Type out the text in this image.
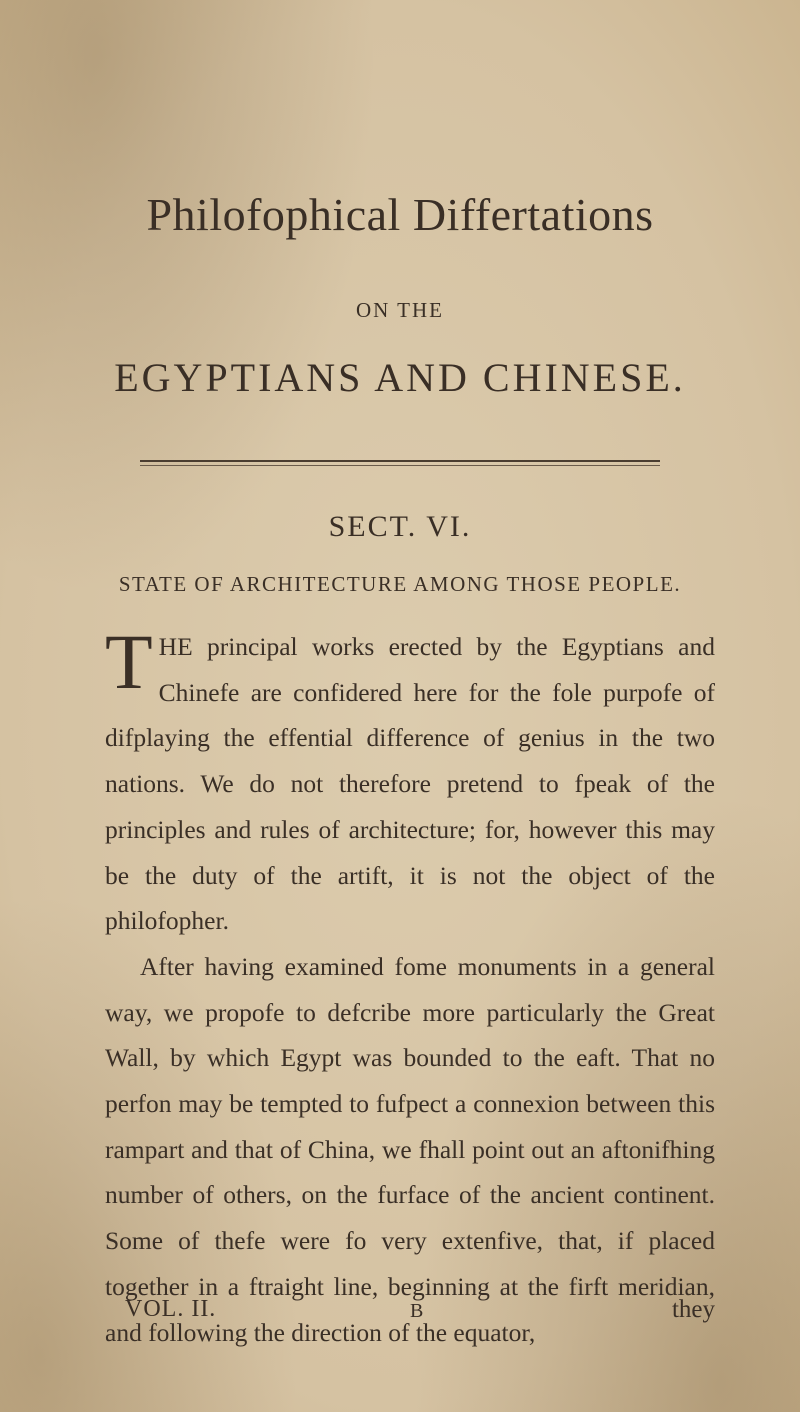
Philofophical Differtations
ON THE
EGYPTIANS AND CHINESE.
SECT. VI.
STATE OF ARCHITECTURE AMONG THOSE PEOPLE.

THE principal works erected by the Egyptians and Chinefe are confidered here for the fole purpofe of difplaying the effential difference of genius in the two nations. We do not therefore pretend to fpeak of the principles and rules of architecture; for, however this may be the duty of the artift, it is not the object of the philofopher.

After having examined fome monuments in a general way, we propofe to defcribe more particularly the Great Wall, by which Egypt was bounded to the eaft. That no perfon may be tempted to fufpect a connexion between this rampart and that of China, we fhall point out an aftonifhing number of others, on the furface of the ancient continent. Some of thefe were fo very extenfive, that, if placed together in a ftraight line, beginning at the firft meridian, and following the direction of the equator,

VOL. II.	B	they
